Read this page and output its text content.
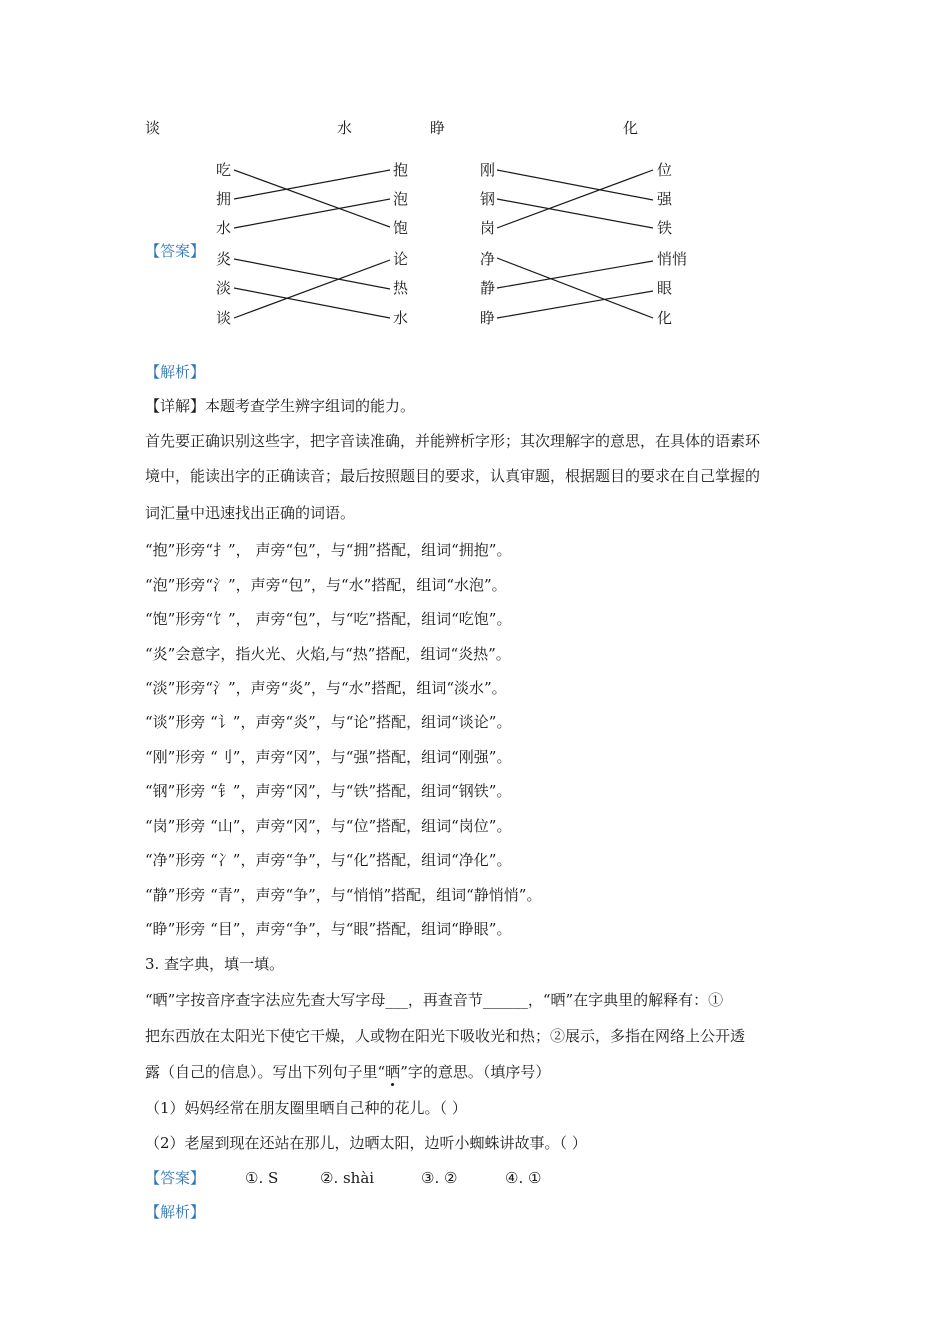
谈	水	睁	化
【答案】
吃
拥
水
炎
淡
谈
抱
泡
饱
论
热
水
刚
钢
岗
净
静
睁
位
强
铁
悄悄
眼
化
【解析】
【详解】本题考查学生辨字组词的能力。
首先要正确识别这些字，把字音读准确，并能辨析字形；其次理解字的意思，在具体的语素环
境中，能读出字的正确读音；最后按照题目的要求，认真审题，根据题目的要求在自己掌握的
词汇量中迅速找出正确的词语。
“抱”形旁“扌”， 声旁“包”，与“拥”搭配，组词“拥抱”。
“泡”形旁“氵”，声旁“包”，与“水”搭配，组词“水泡”。
“饱”形旁“饣”， 声旁“包”，与“吃”搭配，组词“吃饱”。
“炎”会意字，指火光、火焰,与“热”搭配，组词“炎热”。
“淡”形旁“氵”，声旁“炎”，与“水”搭配，组词“淡水”。
“谈”形旁 “讠”，声旁“炎”，与“论”搭配，组词“谈论”。
“刚”形旁 “刂”，声旁“冈”，与“强”搭配，组词“刚强”。
“钢”形旁 “钅”，声旁“冈”，与“铁”搭配，组词“钢铁”。
“岗”形旁 “山”，声旁“冈”，与“位”搭配，组词“岗位”。
“净”形旁 “冫”，声旁“争”，与“化”搭配，组词“净化”。
“静”形旁 “青”，声旁“争”，与“悄悄”搭配，组词“静悄悄”。
“睁”形旁 “目”，声旁“争”，与“眼”搭配，组词“睁眼”。
3. 查字典，填一填。
“晒”字按音序查字法应先查大写字母___，再查音节______，“晒”在字典里的解释有：①
把东西放在太阳光下使它干燥，人或物在阳光下吸收光和热；②展示，多指在网络上公开透
露（自己的信息）。写出下列句子里“晒”字的意思。（填序号）
（1）妈妈经常在朋友圈里晒自己种的花儿。（ ）
（2）老屋到现在还站在那儿，边晒太阳，边听小蜘蛛讲故事。（ ）
【答案】	①. S	②. shài	③. ②	④. ①
【解析】
